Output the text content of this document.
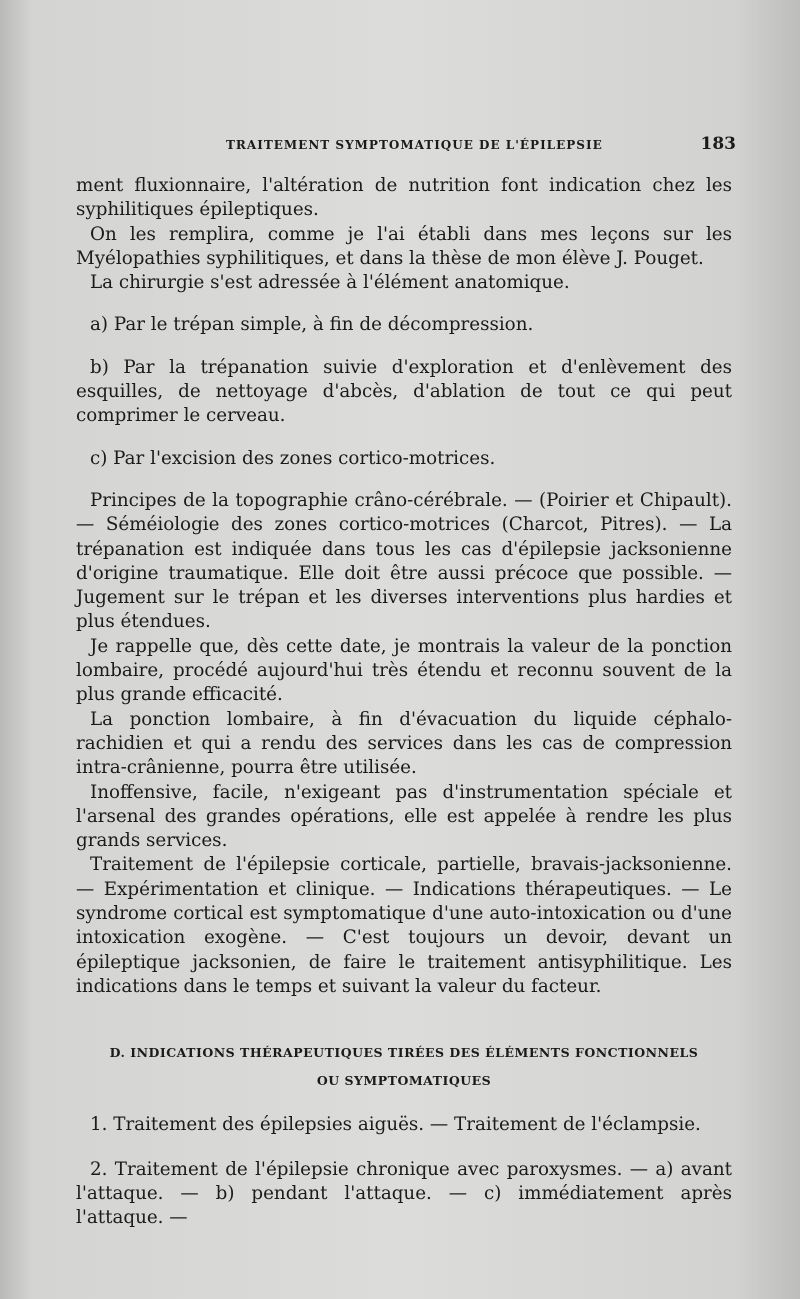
TRAITEMENT SYMPTOMATIQUE DE L'ÉPILEPSIE	183

ment fluxionnaire, l'altération de nutrition font indication chez les syphilitiques épileptiques.

On les remplira, comme je l'ai établi dans mes leçons sur les Myélopathies syphilitiques, et dans la thèse de mon élève J. Pouget.

La chirurgie s'est adressée à l'élément anatomique.

a) Par le trépan simple, à fin de décompression.

b) Par la trépanation suivie d'exploration et d'enlèvement des esquilles, de nettoyage d'abcès, d'ablation de tout ce qui peut comprimer le cerveau.

c) Par l'excision des zones cortico-motrices.

Principes de la topographie crâno-cérébrale. — (Poirier et Chipault). — Séméiologie des zones cortico-motrices (Charcot, Pitres). — La trépanation est indiquée dans tous les cas d'épilepsie jacksonienne d'origine traumatique. Elle doit être aussi précoce que possible. — Jugement sur le trépan et les diverses interventions plus hardies et plus étendues.

Je rappelle que, dès cette date, je montrais la valeur de la ponction lombaire, procédé aujourd'hui très étendu et reconnu souvent de la plus grande efficacité.

La ponction lombaire, à fin d'évacuation du liquide céphalo-rachidien et qui a rendu des services dans les cas de compression intra-crânienne, pourra être utilisée.

Inoffensive, facile, n'exigeant pas d'instrumentation spéciale et l'arsenal des grandes opérations, elle est appelée à rendre les plus grands services.

Traitement de l'épilepsie corticale, partielle, bravais-jacksonienne. — Expérimentation et clinique. — Indications thérapeutiques. — Le syndrome cortical est symptomatique d'une auto-intoxication ou d'une intoxication exogène. — C'est toujours un devoir, devant un épileptique jacksonien, de faire le traitement antisyphilitique. Les indications dans le temps et suivant la valeur du facteur.

D. INDICATIONS THÉRAPEUTIQUES TIRÉES DES ÉLÉMENTS FONCTIONNELS
OU SYMPTOMATIQUES

1. Traitement des épilepsies aiguës. — Traitement de l'éclampsie.

2. Traitement de l'épilepsie chronique avec paroxysmes. — a) avant l'attaque. — b) pendant l'attaque. — c) immédiatement après l'attaque. —
